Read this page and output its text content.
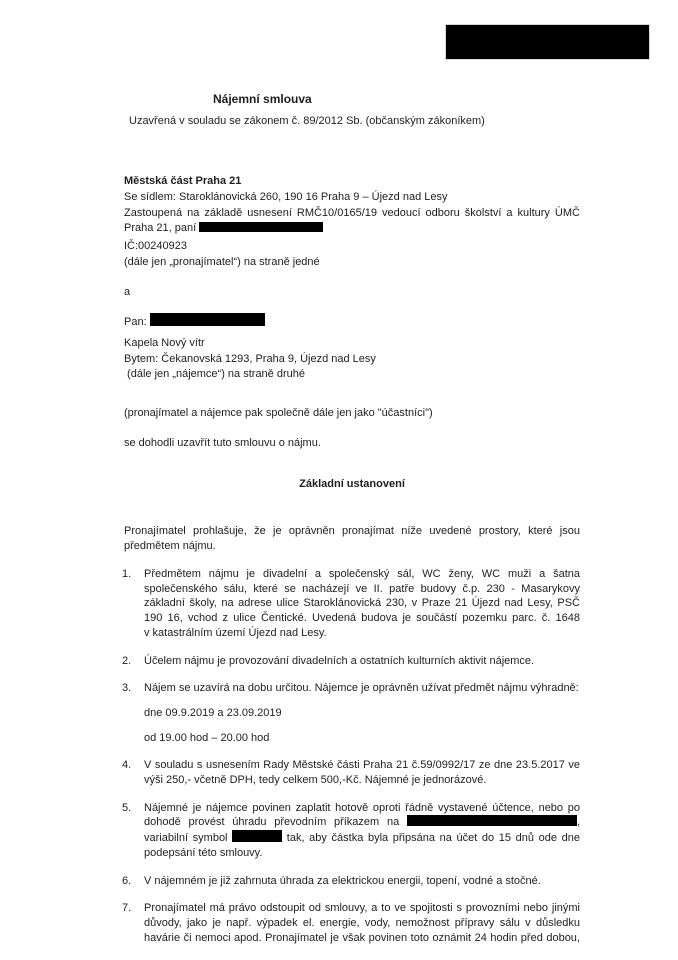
Nájemní smlouva
Uzavřená v souladu se zákonem č. 89/2012 Sb. (občanským zákoníkem)
Městská část Praha 21
Se sídlem: Staroklánovická 260, 190 16 Praha 9 – Újezd nad Lesy
Zastoupená na základě usnesení RMČ10/0165/19 vedoucí odboru školství a kultury ÚMČ
Praha 21, paní
IČ:00240923
(dále jen „pronajímatel“) na straně jedné
a
Pan:
Kapela Nový vítr
Bytem: Čekanovská 1293, Praha 9, Újezd nad Lesy
(dále jen „nájemce“) na straně druhé
(pronajímatel a nájemce pak společně dále jen jako "účastníci")
se dohodli uzavřít tuto smlouvu o nájmu.
Základní ustanovení
Pronajímatel prohlašuje, že je oprávněn pronajímat níže uvedené prostory, které jsou
předmětem nájmu.
1.	Předmětem nájmu je divadelní a společenský sál, WC ženy, WC muži a šatna
společenského sálu, které se nacházejí ve II. patře budovy č.p. 230 - Masarykovy
základní školy, na adrese ulice Staroklánovická 230, v Praze 21 Újezd nad Lesy, PSČ
190 16, vchod z ulice Čentické. Uvedená budova je součástí pozemku parc. č. 1648
v katastrálním území Újezd nad Lesy.
2.	Účelem nájmu je provozování divadelních a ostatních kulturních aktivit nájemce.
3.	Nájem se uzavírá na dobu určitou. Nájemce je oprávněn užívat předmět nájmu výhradně:
dne 09.9.2019 a 23.09.2019
od 19.00 hod – 20.00 hod
4.	V souladu s usnesením Rady Městské části Praha 21 č.59/0992/17 ze dne 23.5.2017 ve
výši 250,- včetně DPH, tedy celkem 500,-Kč. Nájemné je jednorázové.
5.	Nájemné je nájemce povinen zaplatit hotově oproti řádně vystavené účtence, nebo po
dohodě provést úhradu převodním příkazem na	,
variabilní symbol	tak, aby částka byla připsána na účet do 15 dnů ode dne
podepsání této smlouvy.
6.	V nájemném je již zahrnuta úhrada za elektrickou energii, topení, vodné a stočné.
7.	Pronajímatel má právo odstoupit od smlouvy, a to ve spojitosti s provozními nebo jinými
důvody, jako je např. výpadek el. energie, vody, nemožnost přípravy sálu v důsledku
havárie či nemoci apod. Pronajímatel je však povinen toto oznámit 24 hodin před dobou,
